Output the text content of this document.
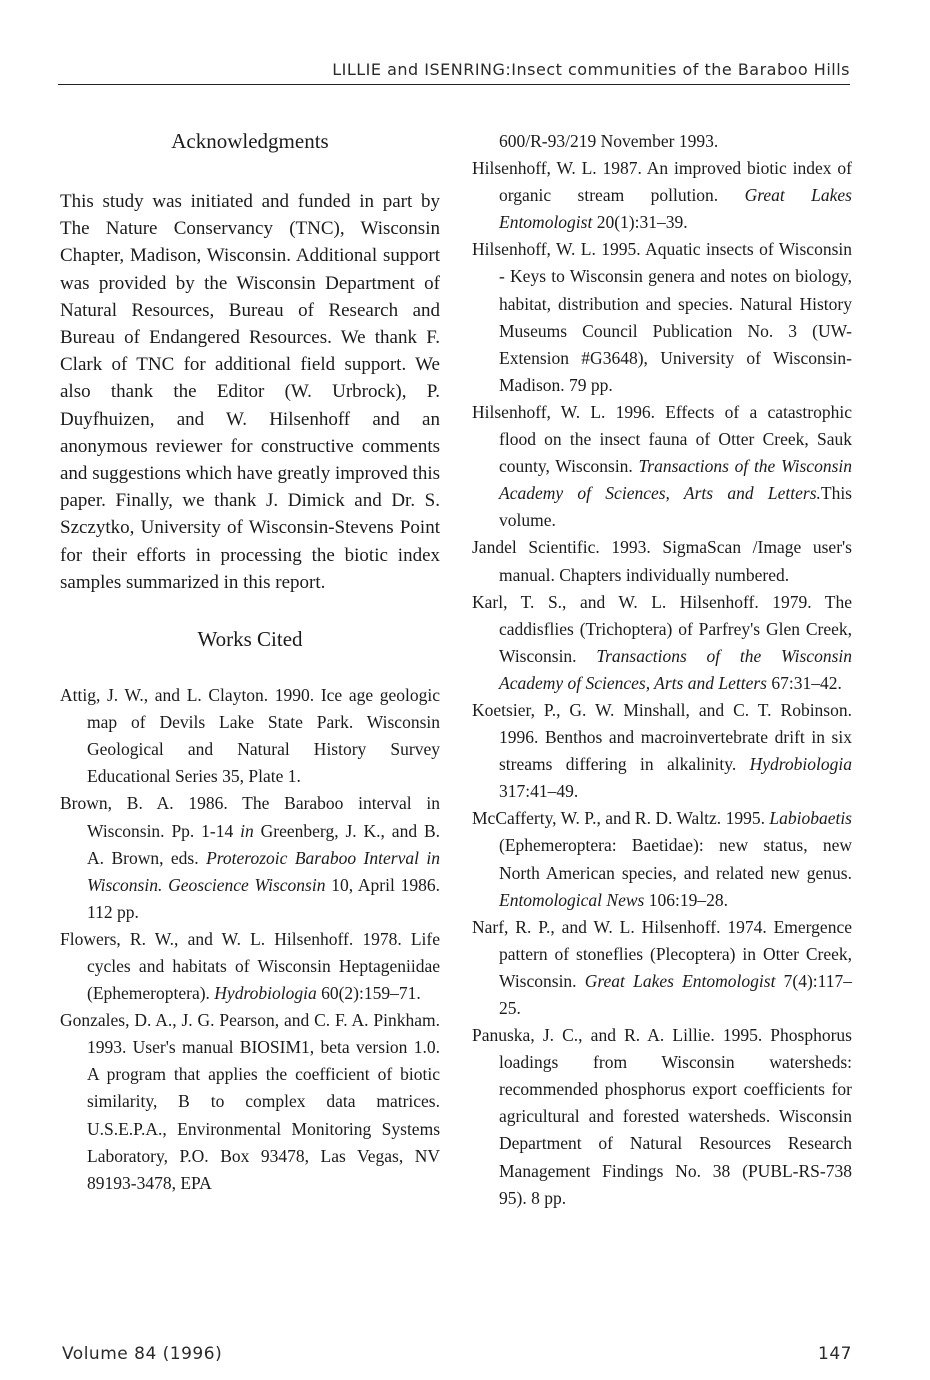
LILLIE and ISENRING:Insect communities of the Baraboo Hills
Acknowledgments

This study was initiated and funded in part by The Nature Conservancy (TNC), Wisconsin Chapter, Madison, Wisconsin. Additional support was provided by the Wisconsin Department of Natural Resources, Bureau of Research and Bureau of Endangered Resources. We thank F. Clark of TNC for additional field support. We also thank the Editor (W. Urbrock), P. Duyfhuizen, and W. Hilsenhoff and an anonymous reviewer for constructive comments and suggestions which have greatly improved this paper. Finally, we thank J. Dimick and Dr. S. Szczytko, University of Wisconsin-Stevens Point for their efforts in processing the biotic index samples summarized in this report.

Works Cited
Attig, J. W., and L. Clayton. 1990. Ice age geologic map of Devils Lake State Park. Wisconsin Geological and Natural History Survey Educational Series 35, Plate 1.
Brown, B. A. 1986. The Baraboo interval in Wisconsin. Pp. 1-14 in Greenberg, J. K., and B. A. Brown, eds. Proterozoic Baraboo Interval in Wisconsin. Geoscience Wisconsin 10, April 1986. 112 pp.
Flowers, R. W., and W. L. Hilsenhoff. 1978. Life cycles and habitats of Wisconsin Heptageniidae (Ephemeroptera). Hydrobiologia 60(2):159–71.
Gonzales, D. A., J. G. Pearson, and C. F. A. Pinkham. 1993. User's manual BIOSIM1, beta version 1.0. A program that applies the coefficient of biotic similarity, B to complex data matrices. U.S.E.P.A., Environmental Monitoring Systems Laboratory, P.O. Box 93478, Las Vegas, NV 89193-3478, EPA
600/R-93/219 November 1993.
Hilsenhoff, W. L. 1987. An improved biotic index of organic stream pollution. Great Lakes Entomologist 20(1):31–39.
Hilsenhoff, W. L. 1995. Aquatic insects of Wisconsin - Keys to Wisconsin genera and notes on biology, habitat, distribution and species. Natural History Museums Council Publication No. 3 (UW-Extension #G3648), University of Wisconsin-Madison. 79 pp.
Hilsenhoff, W. L. 1996. Effects of a catastrophic flood on the insect fauna of Otter Creek, Sauk county, Wisconsin. Transactions of the Wisconsin Academy of Sciences, Arts and Letters.This volume.
Jandel Scientific. 1993. SigmaScan /Image user's manual. Chapters individually numbered.
Karl, T. S., and W. L. Hilsenhoff. 1979. The caddisflies (Trichoptera) of Parfrey's Glen Creek, Wisconsin. Transactions of the Wisconsin Academy of Sciences, Arts and Letters 67:31–42.
Koetsier, P., G. W. Minshall, and C. T. Robinson. 1996. Benthos and macroinvertebrate drift in six streams differing in alkalinity. Hydrobiologia 317:41–49.
McCafferty, W. P., and R. D. Waltz. 1995. Labiobaetis (Ephemeroptera: Baetidae): new status, new North American species, and related new genus. Entomological News 106:19–28.
Narf, R. P., and W. L. Hilsenhoff. 1974. Emergence pattern of stoneflies (Plecoptera) in Otter Creek, Wisconsin. Great Lakes Entomologist 7(4):117–25.
Panuska, J. C., and R. A. Lillie. 1995. Phosphorus loadings from Wisconsin watersheds: recommended phosphorus export coefficients for agricultural and forested watersheds. Wisconsin Department of Natural Resources Research Management Findings No. 38 (PUBL-RS-738 95). 8 pp.
Volume 84 (1996)	147
